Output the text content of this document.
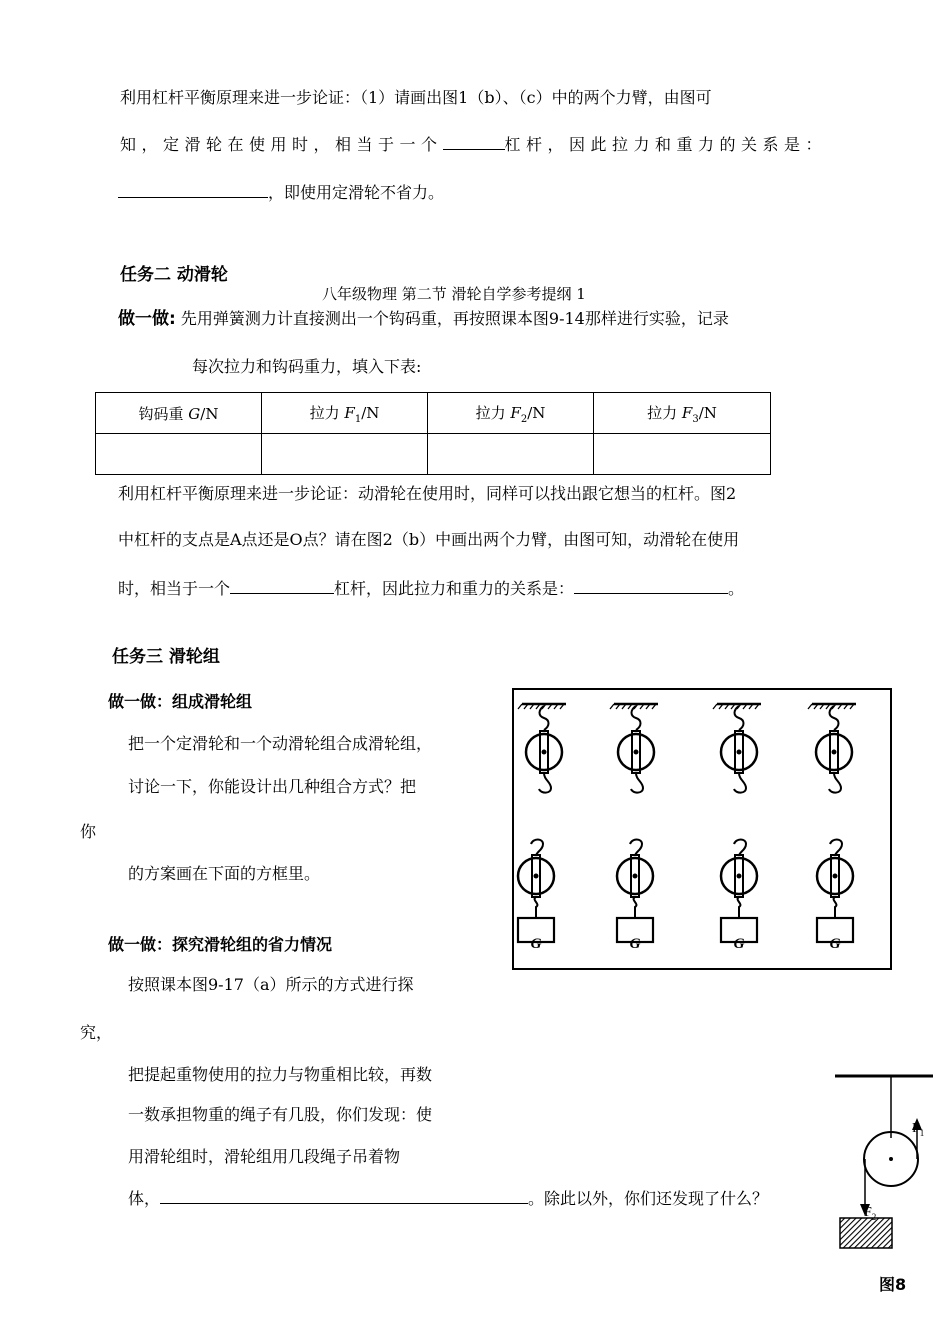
利用杠杆平衡原理来进一步论证：（1）请画出图1（b）、（c）中的两个力臂，由图可
知，定滑轮在使用时，相当于一个	杠杆，因此拉力和重力的关系是：
，即使用定滑轮不省力。
任务二 动滑轮
八年级物理 第二节 滑轮自学参考提纲 1
做一做: 先用弹簧测力计直接测出一个钩码重，再按照课本图9-14那样进行实验，记录
每次拉力和钩码重力，填入下表:
钩码重 G/N	拉力 $F_1/N$	拉力 $F_2/N$	拉力 $F_3/N$

利用杠杆平衡原理来进一步论证：动滑轮在使用时，同样可以找出跟它想当的杠杆。图2
中杠杆的支点是A点还是O点？请在图2（b）中画出两个力臂，由图可知，动滑轮在使用
时，相当于一个	杠杆，因此拉力和重力的关系是：	。
任务三 滑轮组
做一做：组成滑轮组
把一个定滑轮和一个动滑轮组合成滑轮组，
讨论一下，你能设计出几种组合方式？把
你
的方案画在下面的方框里。
做一做：探究滑轮组的省力情况
按照课本图9-17（a）所示的方式进行探
究，
把提起重物使用的拉力与物重相比较，再数
一数承担物重的绳子有几股，你们发现：使
用滑轮组时，滑轮组用几段绳子吊着物
体，	。除此以外，你们还发现了什么？
G	G	G	G
$F_1$
$F_2$
图8
